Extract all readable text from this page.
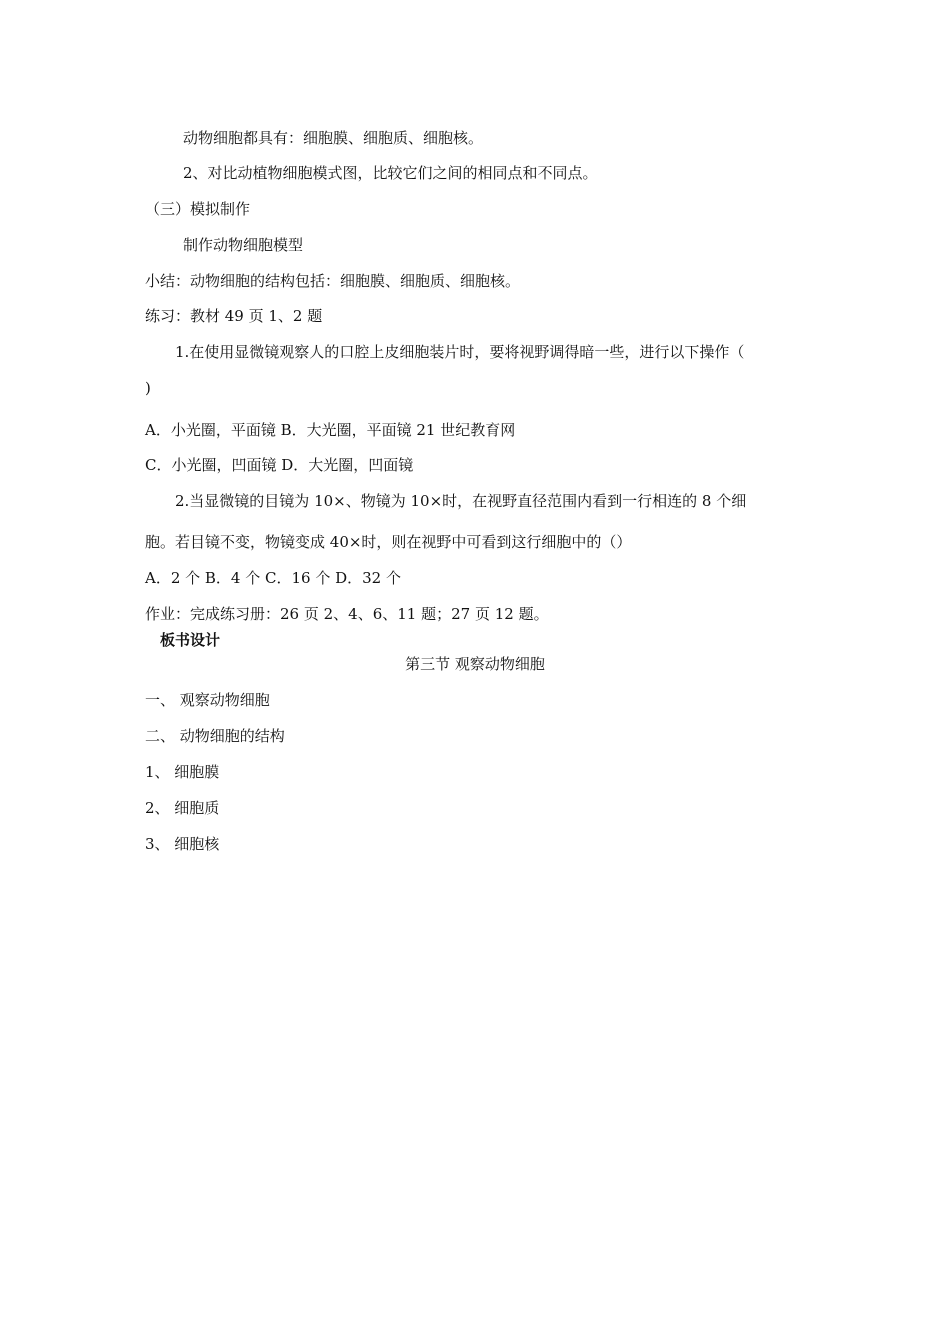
动物细胞都具有：细胞膜、细胞质、细胞核。
2、对比动植物细胞模式图，比较它们之间的相同点和不同点。
（三）模拟制作
制作动物细胞模型
小结：动物细胞的结构包括：细胞膜、细胞质、细胞核。
练习：教材 49 页 1、2 题
1.在使用显微镜观察人的口腔上皮细胞装片时，要将视野调得暗一些，进行以下操作（
)
A．小光圈，平面镜 B．大光圈，平面镜 21 世纪教育网
C．小光圈，凹面镜 D．大光圈，凹面镜
2.当显微镜的目镜为 10×、物镜为 10×时，在视野直径范围内看到一行相连的 8 个细
胞。若目镜不变，物镜变成 40×时，则在视野中可看到这行细胞中的（）
A．2 个 B．4 个 C．16 个 D．32 个
作业：完成练习册：26 页 2、4、6、11 题；27 页 12 题。
板书设计
第三节 观察动物细胞
一、 观察动物细胞
二、 动物细胞的结构
1、 细胞膜
2、 细胞质
3、 细胞核
